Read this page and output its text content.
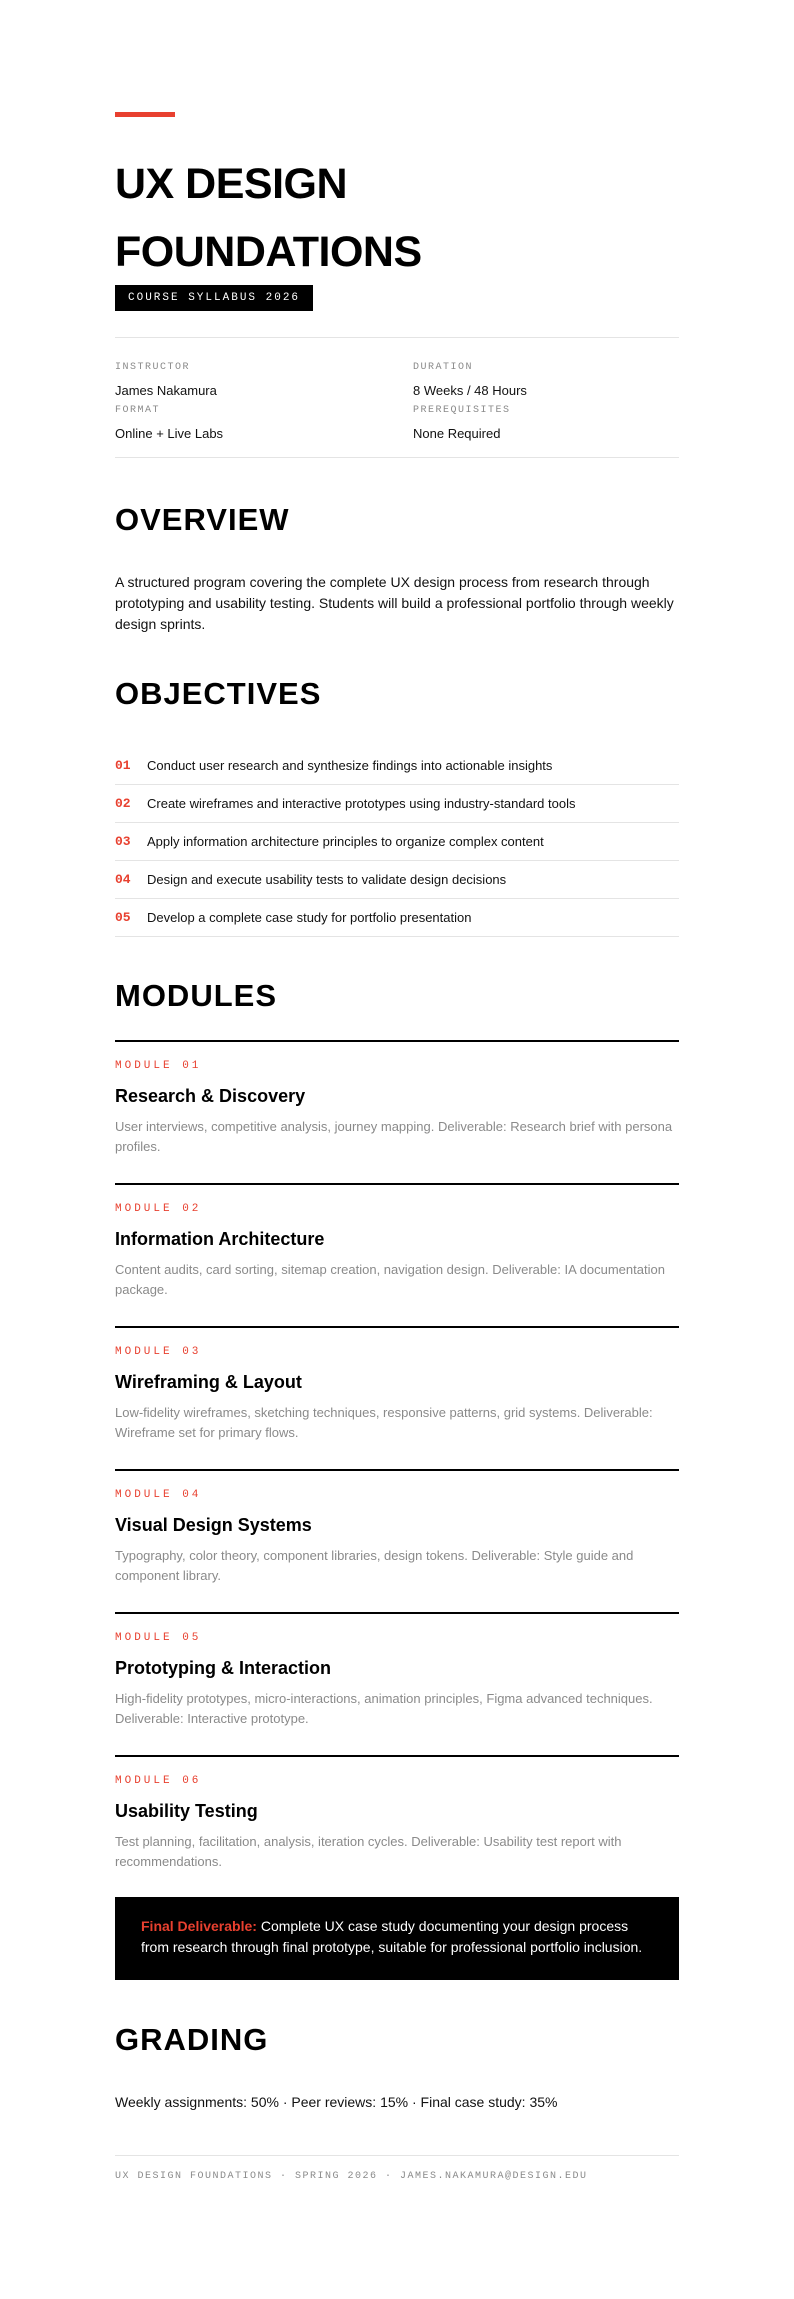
UX DESIGN
FOUNDATIONS
COURSE SYLLABUS 2026
INSTRUCTOR
James Nakamura
DURATION
8 Weeks / 48 Hours
FORMAT
Online + Live Labs
PREREQUISITES
None Required
OVERVIEW

A structured program covering the complete UX design process from research through prototyping and usability testing. Students will build a professional portfolio through weekly design sprints.

OBJECTIVES
01	Conduct user research and synthesize findings into actionable insights
02	Create wireframes and interactive prototypes using industry-standard tools
03	Apply information architecture principles to organize complex content
04	Design and execute usability tests to validate design decisions
05	Develop a complete case study for portfolio presentation
MODULES
MODULE 01
Research & Discovery
User interviews, competitive analysis, journey mapping. Deliverable: Research brief with persona profiles.
MODULE 02
Information Architecture
Content audits, card sorting, sitemap creation, navigation design. Deliverable: IA documentation package.
MODULE 03
Wireframing & Layout
Low-fidelity wireframes, sketching techniques, responsive patterns, grid systems. Deliverable: Wireframe set for primary flows.
MODULE 04
Visual Design Systems
Typography, color theory, component libraries, design tokens. Deliverable: Style guide and component library.
MODULE 05
Prototyping & Interaction
High-fidelity prototypes, micro-interactions, animation principles, Figma advanced techniques. Deliverable: Interactive prototype.
MODULE 06
Usability Testing
Test planning, facilitation, analysis, iteration cycles. Deliverable: Usability test report with recommendations.
Final Deliverable: Complete UX case study documenting your design process from research through final prototype, suitable for professional portfolio inclusion.
GRADING

Weekly assignments: 50% · Peer reviews: 15% · Final case study: 35%

UX DESIGN FOUNDATIONS · SPRING 2026 · JAMES.NAKAMURA@DESIGN.EDU
